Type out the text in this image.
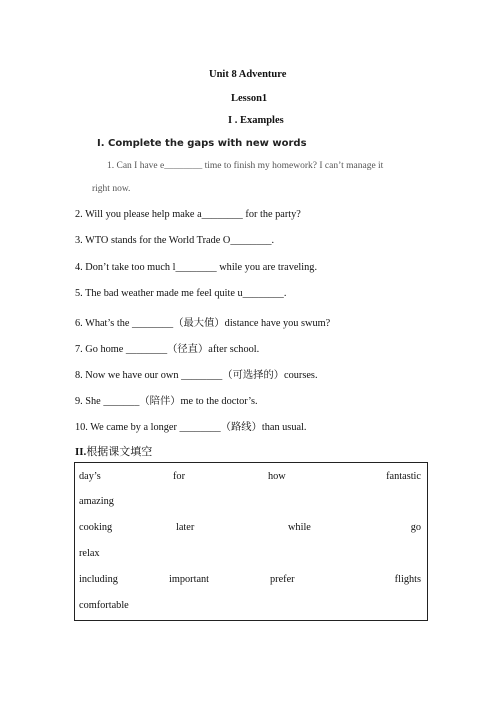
Unit 8 Adventure
Lesson1
I . Examples
I. Complete the gaps with new words
1. Can I have e________ time to finish my homework? I can’t manage it
right now.
2. Will you please help make a________ for the party?
3. WTO stands for the World Trade O________.
4. Don’t take too much l________ while you are traveling.
5. The bad weather made me feel quite u________.
6. What’s the ________（最大值）distance have you swum?
7. Go home ________（径直）after school.
8. Now we have our own ________（可选择的）courses.
9. She _______（陪伴）me to the doctor’s.
10. We came by a longer ________（路线）than usual.
II.根据课文填空
day’s	for	how	fantastic
amazing
cooking	later	while	go
relax
including	important	prefer	flights
comfortable
